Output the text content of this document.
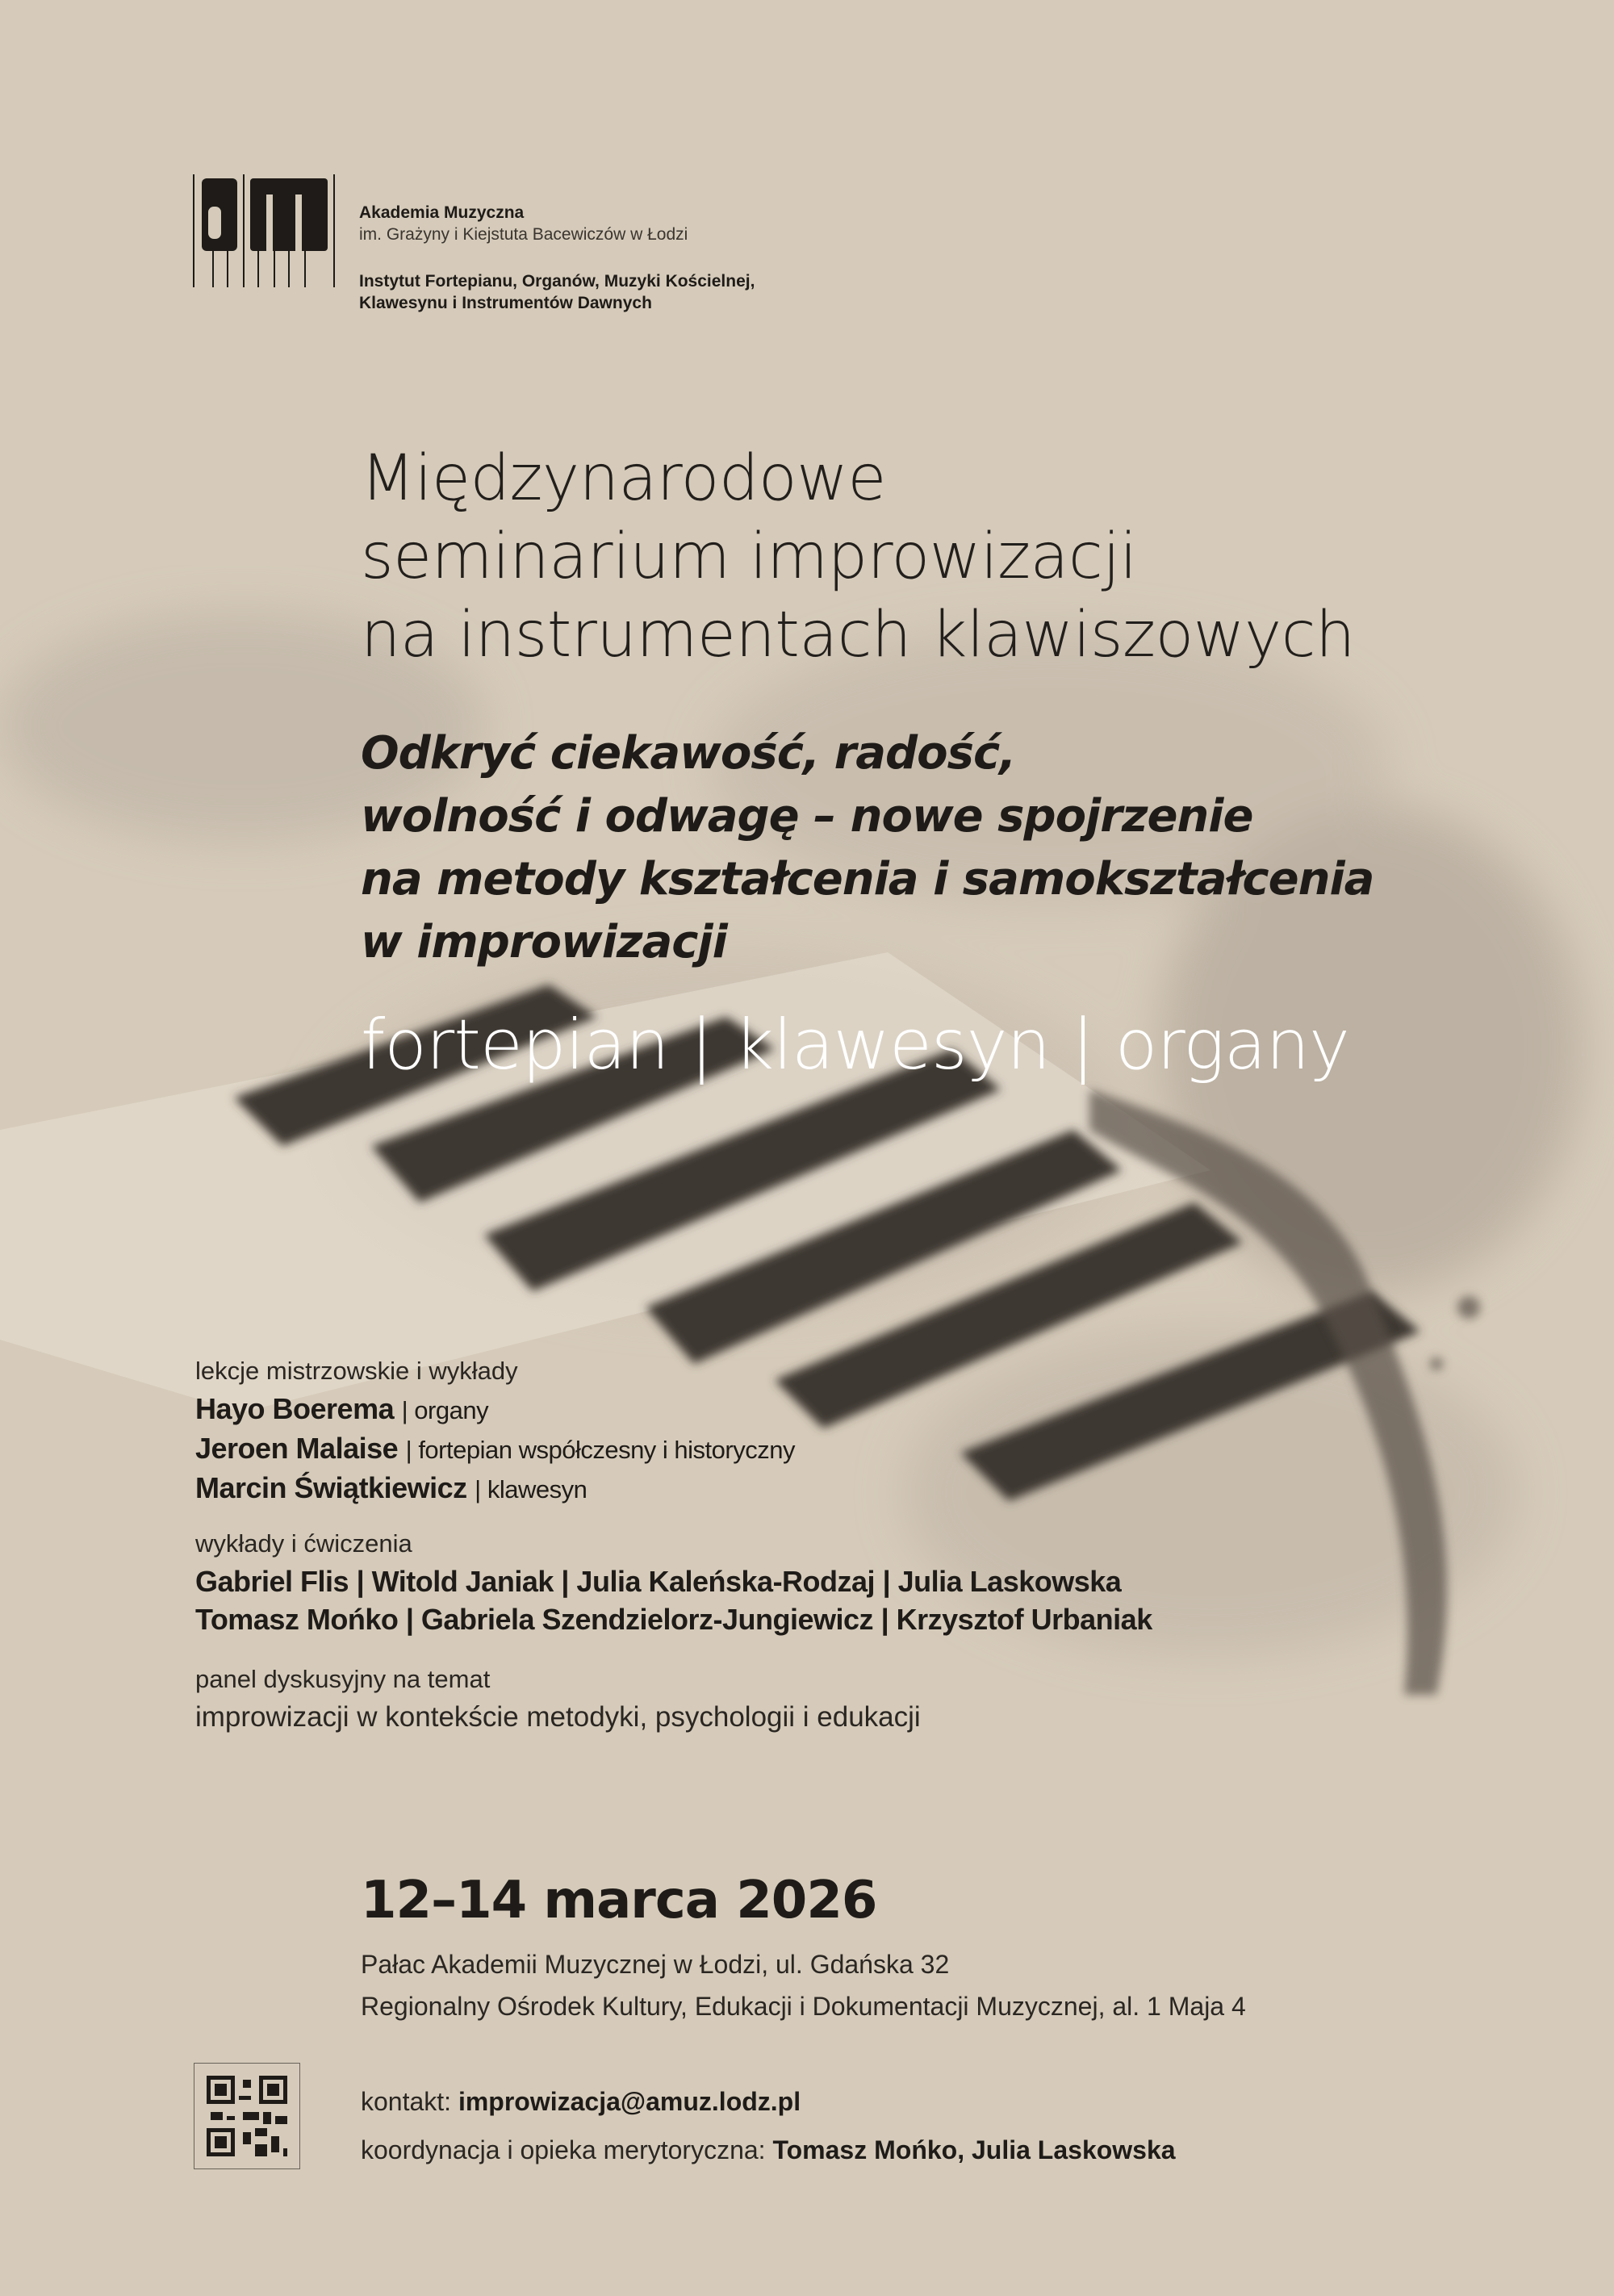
Akademia Muzyczna
im. Grażyny i Kiejstuta Bacewiczów w Łodzi
Instytut Fortepianu, Organów, Muzyki Kościelnej,
Klawesynu i Instrumentów Dawnych
Międzynarodowe
seminarium improwizacji
na instrumentach klawiszowych
Odkryć ciekawość, radość,
wolność i odwagę – nowe spojrzenie
na metody kształcenia i samokształcenia
w improwizacji
fortepian | klawesyn | organy
lekcje mistrzowskie i wykłady
Hayo Boerema | organy
Jeroen Malaise | fortepian współczesny i historyczny
Marcin Świątkiewicz | klawesyn
wykłady i ćwiczenia
Gabriel Flis | Witold Janiak | Julia Kaleńska-Rodzaj | Julia Laskowska
Tomasz Mońko | Gabriela Szendzielorz-Jungiewicz | Krzysztof Urbaniak
panel dyskusyjny na temat
improwizacji w kontekście metodyki, psychologii i edukacji
12–14 marca 2026
Pałac Akademii Muzycznej w Łodzi, ul. Gdańska 32
Regionalny Ośrodek Kultury, Edukacji i Dokumentacji Muzycznej, al. 1 Maja 4
kontakt: improwizacja@amuz.lodz.pl
koordynacja i opieka merytoryczna: Tomasz Mońko, Julia Laskowska
